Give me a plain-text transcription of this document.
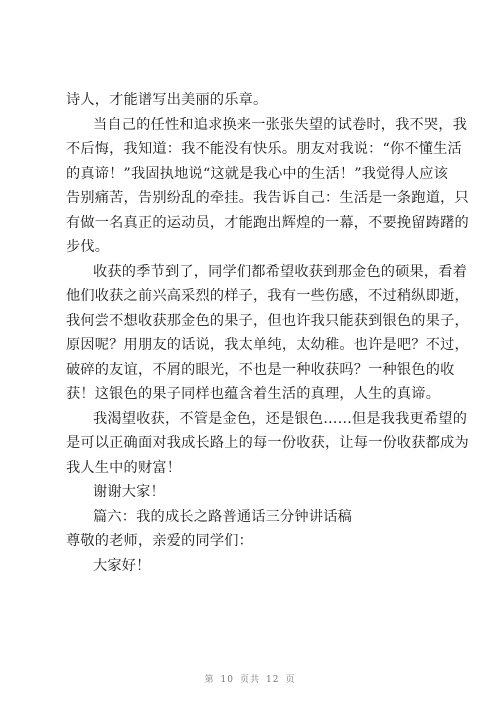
诗人，才能谱写出美丽的乐章。
当自己的任性和追求换来一张张失望的试卷时，我不哭，我
不后悔，我知道：我不能没有快乐。朋友对我说：“你不懂生活
的真谛！”我固执地说“这就是我心中的生活！”我觉得人应该
告别痛苦，告别纷乱的牵挂。我告诉自己：生活是一条跑道，只
有做一名真正的运动员，才能跑出辉煌的一幕，不要挽留踌躇的
步伐。
收获的季节到了，同学们都希望收获到那金色的硕果，看着
他们收获之前兴高采烈的样子，我有一些伤感，不过稍纵即逝，
我何尝不想收获那金色的果子，但也许我只能获到银色的果子，
原因呢？用朋友的话说，我太单纯，太幼稚。也许是吧？不过，
破碎的友谊，不屑的眼光，不也是一种收获吗？一种银色的收
获！这银色的果子同样也蕴含着生活的真理，人生的真谛。
我渴望收获，不管是金色，还是银色……但是我我更希望的
是可以正确面对我成长路上的每一份收获，让每一份收获都成为
我人生中的财富！
谢谢大家！
篇六：我的成长之路普通话三分钟讲话稿
尊敬的老师，亲爱的同学们：
大家好！
第 10 页共 12 页
